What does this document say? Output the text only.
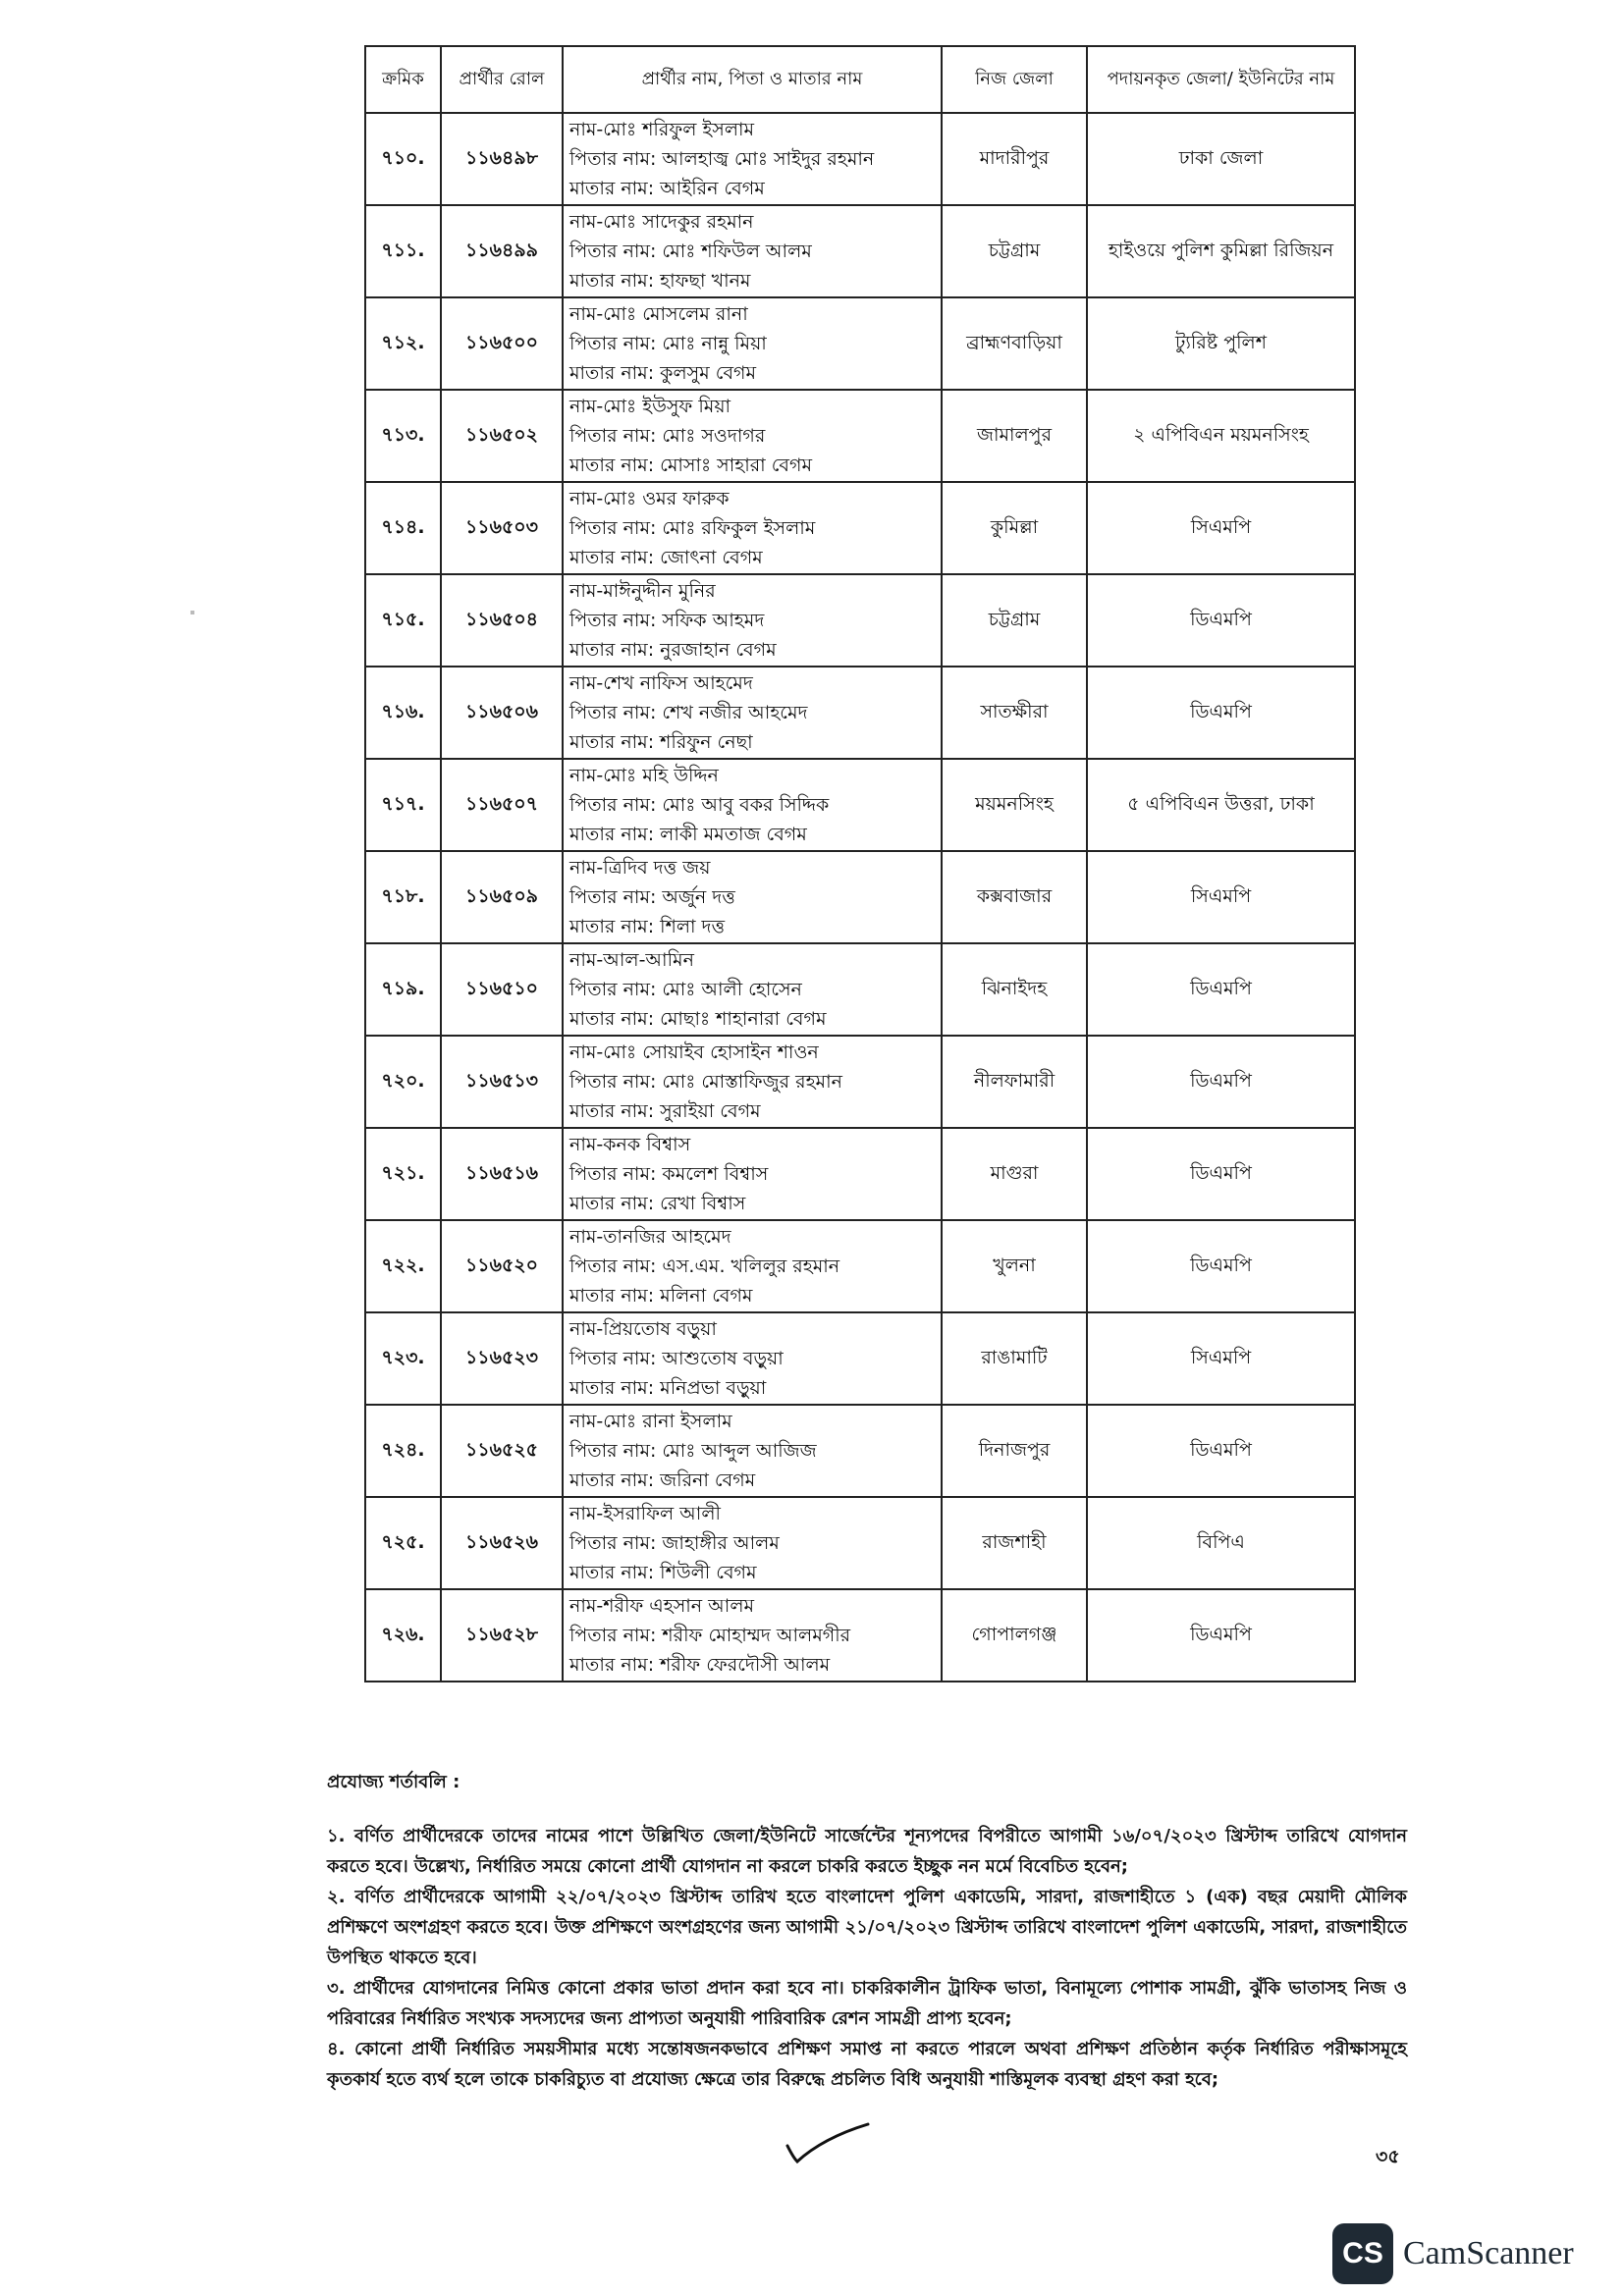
ক্রমিক	প্রার্থীর রোল	প্রার্থীর নাম, পিতা ও মাতার নাম	নিজ জেলা	পদায়নকৃত জেলা/ ইউনিটের নাম
৭১০.	১১৬৪৯৮	নাম-মোঃ শরিফুল ইসলাম
পিতার নাম: আলহাজ্ব মোঃ সাইদুর রহমান
মাতার নাম: আইরিন বেগম	মাদারীপুর	ঢাকা জেলা
৭১১.	১১৬৪৯৯	নাম-মোঃ সাদেকুর রহমান
পিতার নাম: মোঃ শফিউল আলম
মাতার নাম: হাফছা খানম	চট্টগ্রাম	হাইওয়ে পুলিশ কুমিল্লা রিজিয়ন
৭১২.	১১৬৫০০	নাম-মোঃ মোসলেম রানা
পিতার নাম: মোঃ নান্নু মিয়া
মাতার নাম: কুলসুম বেগম	ব্রাহ্মণবাড়িয়া	ট্যুরিষ্ট পুলিশ
৭১৩.	১১৬৫০২	নাম-মোঃ ইউসুফ মিয়া
পিতার নাম: মোঃ সওদাগর
মাতার নাম: মোসাঃ সাহারা বেগম	জামালপুর	২ এপিবিএন ময়মনসিংহ
৭১৪.	১১৬৫০৩	নাম-মোঃ ওমর ফারুক
পিতার নাম: মোঃ রফিকুল ইসলাম
মাতার নাম: জোৎনা বেগম	কুমিল্লা	সিএমপি
৭১৫.	১১৬৫০৪	নাম-মাঈনুদ্দীন মুনির
পিতার নাম: সফিক আহমদ
মাতার নাম: নুরজাহান বেগম	চট্টগ্রাম	ডিএমপি
৭১৬.	১১৬৫০৬	নাম-শেখ নাফিস আহমেদ
পিতার নাম: শেখ নজীর আহমেদ
মাতার নাম: শরিফুন নেছা	সাতক্ষীরা	ডিএমপি
৭১৭.	১১৬৫০৭	নাম-মোঃ মহি উদ্দিন
পিতার নাম: মোঃ আবু বকর সিদ্দিক
মাতার নাম: লাকী মমতাজ বেগম	ময়মনসিংহ	৫ এপিবিএন উত্তরা, ঢাকা
৭১৮.	১১৬৫০৯	নাম-ত্রিদিব দত্ত জয়
পিতার নাম: অর্জুন দত্ত
মাতার নাম: শিলা দত্ত	কক্সবাজার	সিএমপি
৭১৯.	১১৬৫১০	নাম-আল-আমিন
পিতার নাম: মোঃ আলী হোসেন
মাতার নাম: মোছাঃ শাহানারা বেগম	ঝিনাইদহ	ডিএমপি
৭২০.	১১৬৫১৩	নাম-মোঃ সোয়াইব হোসাইন শাওন
পিতার নাম: মোঃ মোস্তাফিজুর রহমান
মাতার নাম: সুরাইয়া বেগম	নীলফামারী	ডিএমপি
৭২১.	১১৬৫১৬	নাম-কনক বিশ্বাস
পিতার নাম: কমলেশ বিশ্বাস
মাতার নাম: রেখা বিশ্বাস	মাগুরা	ডিএমপি
৭২২.	১১৬৫২০	নাম-তানজির আহমেদ
পিতার নাম: এস.এম. খলিলুর রহমান
মাতার নাম: মলিনা বেগম	খুলনা	ডিএমপি
৭২৩.	১১৬৫২৩	নাম-প্রিয়তোষ বড়ুয়া
পিতার নাম: আশুতোষ বড়ুয়া
মাতার নাম: মনিপ্রভা বড়ুয়া	রাঙামাটি	সিএমপি
৭২৪.	১১৬৫২৫	নাম-মোঃ রানা ইসলাম
পিতার নাম: মোঃ আব্দুল আজিজ
মাতার নাম: জরিনা বেগম	দিনাজপুর	ডিএমপি
৭২৫.	১১৬৫২৬	নাম-ইসরাফিল আলী
পিতার নাম: জাহাঙ্গীর আলম
মাতার নাম: শিউলী বেগম	রাজশাহী	বিপিএ
৭২৬.	১১৬৫২৮	নাম-শরীফ এহসান আলম
পিতার নাম: শরীফ মোহাম্মদ আলমগীর
মাতার নাম: শরীফ ফেরদৌসী আলম	গোপালগঞ্জ	ডিএমপি
প্রযোজ্য শর্তাবলি :
১. বর্ণিত প্রার্থীদেরকে তাদের নামের পাশে উল্লিখিত জেলা/ইউনিটে সার্জেন্টের শূন্যপদের বিপরীতে আগামী ১৬/০৭/২০২৩ খ্রিস্টাব্দ তারিখে যোগদান করতে হবে। উল্লেখ্য, নির্ধারিত সময়ে কোনো প্রার্থী যোগদান না করলে চাকরি করতে ইচ্ছুক নন মর্মে বিবেচিত হবেন;
২. বর্ণিত প্রার্থীদেরকে আগামী ২২/০৭/২০২৩ খ্রিস্টাব্দ তারিখ হতে বাংলাদেশ পুলিশ একাডেমি, সারদা, রাজশাহীতে ১ (এক) বছর মেয়াদী মৌলিক প্রশিক্ষণে অংশগ্রহণ করতে হবে। উক্ত প্রশিক্ষণে অংশগ্রহণের জন্য আগামী ২১/০৭/২০২৩ খ্রিস্টাব্দ তারিখে বাংলাদেশ পুলিশ একাডেমি, সারদা, রাজশাহীতে উপস্থিত থাকতে হবে।
৩. প্রার্থীদের যোগদানের নিমিত্ত কোনো প্রকার ভাতা প্রদান করা হবে না। চাকরিকালীন ট্রাফিক ভাতা, বিনামূল্যে পোশাক সামগ্রী, ঝুঁকি ভাতাসহ নিজ ও পরিবারের নির্ধারিত সংখ্যক সদস্যদের জন্য প্রাপ্যতা অনুযায়ী পারিবারিক রেশন সামগ্রী প্রাপ্য হবেন;
৪. কোনো প্রার্থী নির্ধারিত সময়সীমার মধ্যে সন্তোষজনকভাবে প্রশিক্ষণ সমাপ্ত না করতে পারলে অথবা প্রশিক্ষণ প্রতিষ্ঠান কর্তৃক নির্ধারিত পরীক্ষাসমূহে কৃতকার্য হতে ব্যর্থ হলে তাকে চাকরিচ্যুত বা প্রযোজ্য ক্ষেত্রে তার বিরুদ্ধে প্রচলিত বিধি অনুযায়ী শাস্তিমূলক ব্যবস্থা গ্রহণ করা হবে;
৩৫
CS CamScanner
